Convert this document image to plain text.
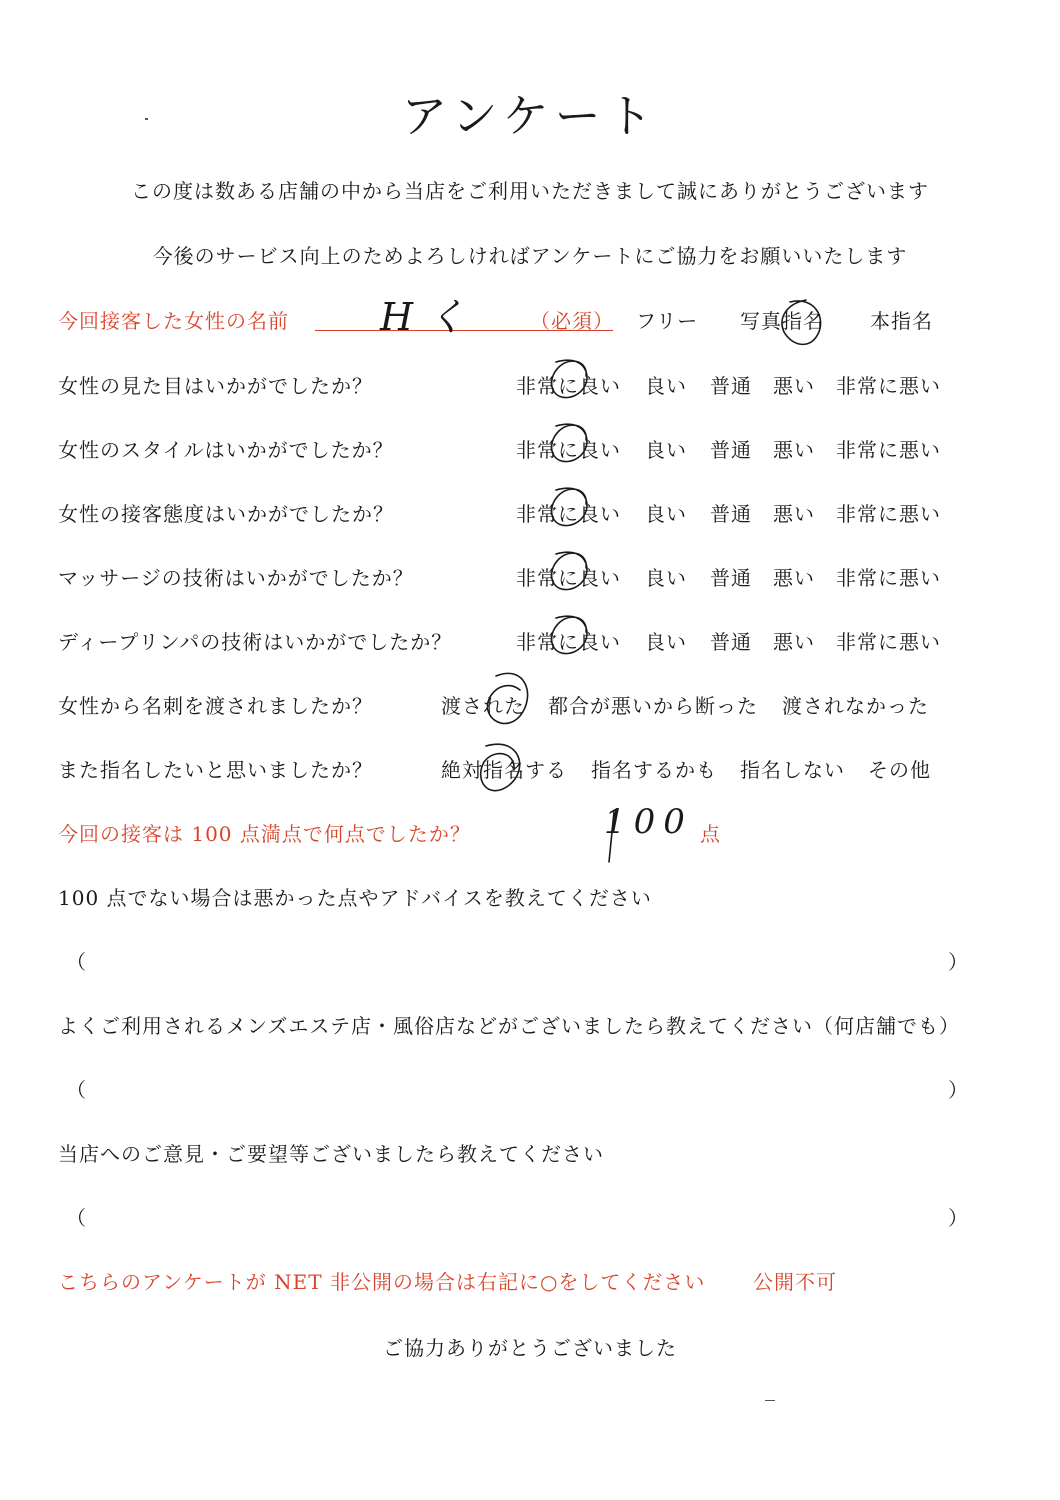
アンケート
この度は数ある店舗の中から当店をご利用いただきまして誠にありがとうございます
今後のサービス向上のためよろしければアンケートにご協力をお願いいたします
今回接客した女性の名前 Hく	（必須） フリー 写真指名 本指名
女性の見た目はいかがでしたか？	非常に良い 良い 普通 悪い 非常に悪い
女性のスタイルはいかがでしたか？	非常に良い 良い 普通 悪い 非常に悪い
女性の接客態度はいかがでしたか？	非常に良い 良い 普通 悪い 非常に悪い
マッサージの技術はいかがでしたか？	非常に良い 良い 普通 悪い 非常に悪い
ディープリンパの技術はいかがでしたか？	非常に良い 良い 普通 悪い 非常に悪い
女性から名刺を渡されましたか？	渡された 都合が悪いから断った 渡されなかった
また指名したいと思いましたか？	絶対指名する 指名するかも 指名しない その他
今回の接客は 100 点満点で何点でしたか？	100 点
100 点でない場合は悪かった点やアドバイスを教えてください
（	）
よくご利用されるメンズエステ店・風俗店などがございましたら教えてください（何店舗でも）
（	）
当店へのご意見・ご要望等ございましたら教えてください
（	）
こちらのアンケートが NET 非公開の場合は右記に○をしてください 公開不可
ご協力ありがとうございました
